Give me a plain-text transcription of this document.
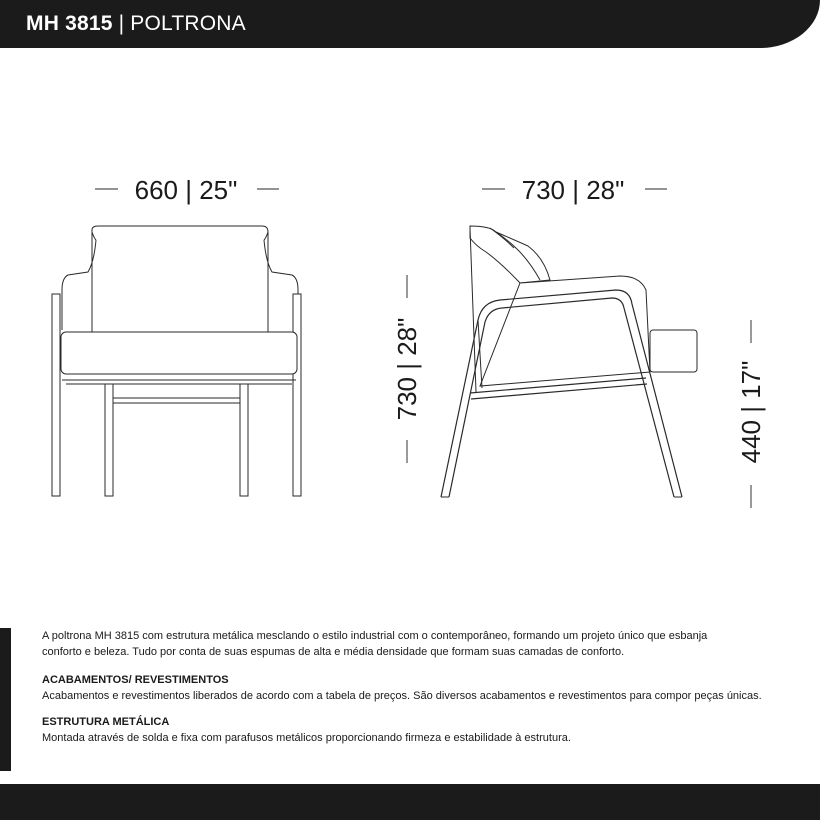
MH 3815 | POLTRONA
660 | 25"	730 | 28"
730 | 28"	440 | 17"

A poltrona MH 3815 com estrutura metálica mesclando o estilo industrial com o contemporâneo, formando um projeto único que esbanja

conforto e beleza. Tudo por conta de suas espumas de alta e média densidade que formam suas camadas de conforto.

ACABAMENTOS/ REVESTIMENTOS

Acabamentos e revestimentos liberados de acordo com a tabela de preços. São diversos acabamentos e revestimentos para compor peças únicas.

ESTRUTURA METÁLICA

Montada através de solda e fixa com parafusos metálicos proporcionando firmeza e estabilidade à estrutura.
